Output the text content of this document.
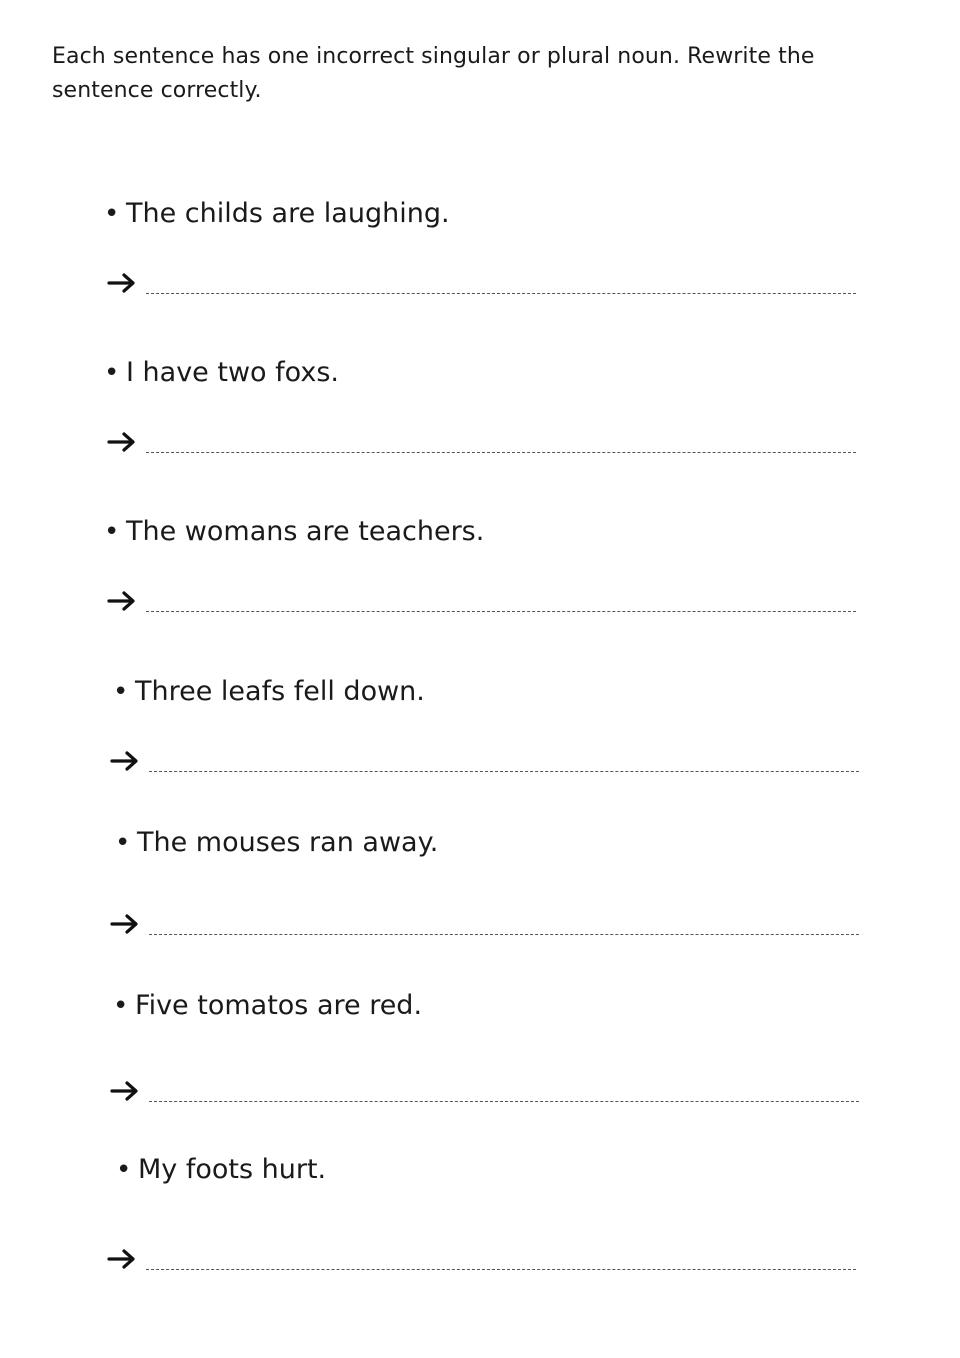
Each sentence has one incorrect singular or plural noun. Rewrite the sentence correctly.

• The childs are laughing.
• I have two foxs.
• The womans are teachers.
• Three leafs fell down.
• The mouses ran away.
• Five tomatos are red.
• My foots hurt.
